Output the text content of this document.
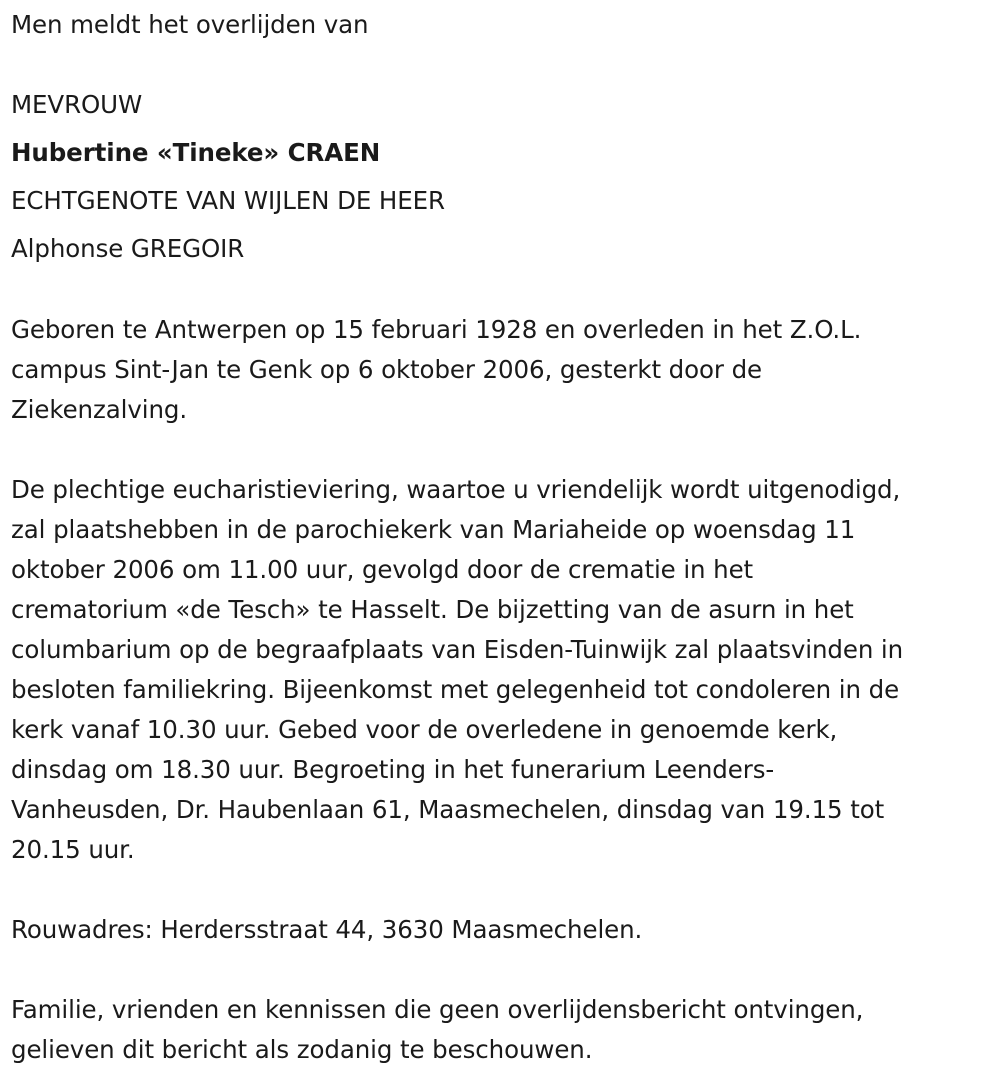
Men meldt het overlijden van
MEVROUW
Hubertine «Tineke» CRAEN
ECHTGENOTE VAN WIJLEN DE HEER
Alphonse GREGOIR
Geboren te Antwerpen op 15 februari 1928 en overleden in het Z.O.L.
campus Sint-Jan te Genk op 6 oktober 2006, gesterkt door de
Ziekenzalving.
De plechtige eucharistieviering, waartoe u vriendelijk wordt uitgenodigd,
zal plaatshebben in de parochiekerk van Mariaheide op woensdag 11
oktober 2006 om 11.00 uur, gevolgd door de crematie in het
crematorium «de Tesch» te Hasselt. De bijzetting van de asurn in het
columbarium op de begraafplaats van Eisden-Tuinwijk zal plaatsvinden in
besloten familiekring. Bijeenkomst met gelegenheid tot condoleren in de
kerk vanaf 10.30 uur. Gebed voor de overledene in genoemde kerk,
dinsdag om 18.30 uur. Begroeting in het funerarium Leenders-
Vanheusden, Dr. Haubenlaan 61, Maasmechelen, dinsdag van 19.15 tot
20.15 uur.
Rouwadres: Herdersstraat 44, 3630 Maasmechelen.
Familie, vrienden en kennissen die geen overlijdensbericht ontvingen,
gelieven dit bericht als zodanig te beschouwen.
